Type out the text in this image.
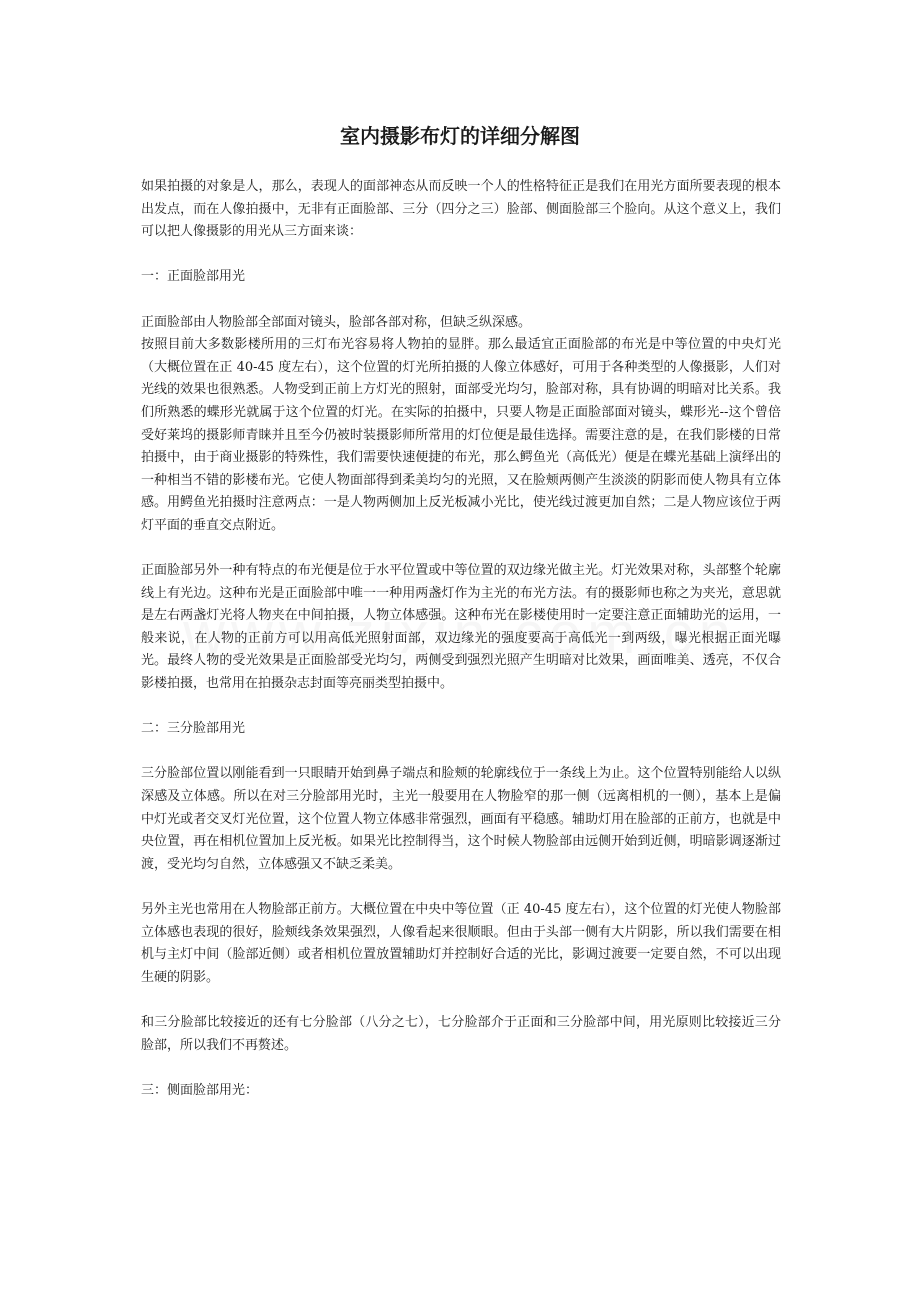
室内摄影布灯的详细分解图

如果拍摄的对象是人，那么，表现人的面部神态从而反映一个人的性格特征正是我们在用光方面所要表现的根本出发点，而在人像拍摄中，无非有正面脸部、三分（四分之三）脸部、侧面脸部三个脸向。从这个意义上，我们可以把人像摄影的用光从三方面来谈：

一：正面脸部用光

正面脸部由人物脸部全部面对镜头，脸部各部对称，但缺乏纵深感。

按照目前大多数影楼所用的三灯布光容易将人物拍的显胖。那么最适宜正面脸部的布光是中等位置的中央灯光（大概位置在正 40-45 度左右），这个位置的灯光所拍摄的人像立体感好，可用于各种类型的人像摄影，人们对光线的效果也很熟悉。人物受到正前上方灯光的照射，面部受光均匀，脸部对称，具有协调的明暗对比关系。我们所熟悉的蝶形光就属于这个位置的灯光。在实际的拍摄中，只要人物是正面脸部面对镜头，蝶形光--这个曾倍受好莱坞的摄影师青睐并且至今仍被时装摄影师所常用的灯位便是最佳选择。需要注意的是，在我们影楼的日常拍摄中，由于商业摄影的特殊性，我们需要快速便捷的布光，那么鳄鱼光（高低光）便是在蝶光基础上演绎出的一种相当不错的影楼布光。它使人物面部得到柔美均匀的光照，又在脸颊两侧产生淡淡的阴影而使人物具有立体感。用鳄鱼光拍摄时注意两点：一是人物两侧加上反光板减小光比，使光线过渡更加自然；二是人物应该位于两灯平面的垂直交点附近。

正面脸部另外一种有特点的布光便是位于水平位置或中等位置的双边缘光做主光。灯光效果对称，头部整个轮廓线上有光边。这种布光是正面脸部中唯一一种用两盏灯作为主光的布光方法。有的摄影师也称之为夹光，意思就是左右两盏灯光将人物夹在中间拍摄，人物立体感强。这种布光在影楼使用时一定要注意正面辅助光的运用，一般来说，在人物的正前方可以用高低光照射面部，双边缘光的强度要高于高低光一到两级，曝光根据正面光曝光。最终人物的受光效果是正面脸部受光均匀，两侧受到强烈光照产生明暗对比效果，画面唯美、透亮，不仅合影楼拍摄，也常用在拍摄杂志封面等亮丽类型拍摄中。

二：三分脸部用光

三分脸部位置以刚能看到一只眼睛开始到鼻子端点和脸颊的轮廓线位于一条线上为止。这个位置特别能给人以纵深感及立体感。所以在对三分脸部用光时，主光一般要用在人物脸窄的那一侧（远离相机的一侧），基本上是偏中灯光或者交叉灯光位置，这个位置人物立体感非常强烈，画面有平稳感。辅助灯用在脸部的正前方，也就是中央位置，再在相机位置加上反光板。如果光比控制得当，这个时候人物脸部由远侧开始到近侧，明暗影调逐渐过渡，受光均匀自然，立体感强又不缺乏柔美。

另外主光也常用在人物脸部正前方。大概位置在中央中等位置（正 40-45 度左右），这个位置的灯光使人物脸部立体感也表现的很好，脸颊线条效果强烈，人像看起来很顺眼。但由于头部一侧有大片阴影，所以我们需要在相机与主灯中间（脸部近侧）或者相机位置放置辅助灯并控制好合适的光比，影调过渡要一定要自然，不可以出现生硬的阴影。

和三分脸部比较接近的还有七分脸部（八分之七），七分脸部介于正面和三分脸部中间，用光原则比较接近三分脸部，所以我们不再赘述。

三：侧面脸部用光：
